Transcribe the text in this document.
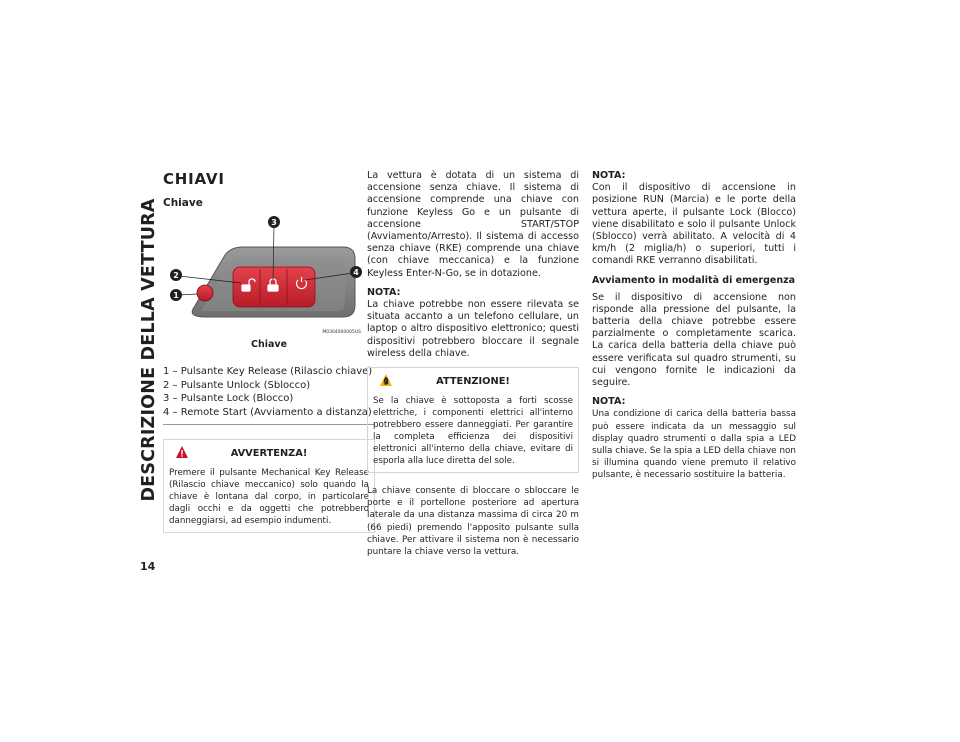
DESCRIZIONE DELLA VETTURA
14
CHIAVI
Chiave
1
2
3
4
M0304000005US
Chiave
1 – Pulsante Key Release (Rilascio chiave)
2 – Pulsante Unlock (Sblocco)
3 – Pulsante Lock (Blocco)
4 – Remote Start (Avviamento a distanza)
AVVERTENZA!

Premere il pulsante Mechanical Key Release (Rilascio chiave meccanico) solo quando la chiave è lontana dal corpo, in particolare dagli occhi e da oggetti che potrebbero danneggiarsi, ad esempio indumenti.

La vettura è dotata di un sistema di accensione senza chiave. Il sistema di accensione comprende una chiave con funzione Keyless Go e un pulsante di accensione START/STOP (Avviamento/Arresto). Il sistema di accesso senza chiave (RKE) comprende una chiave (con chiave meccanica) e la funzione Keyless Enter-N-Go, se in dotazione.

NOTA:

La chiave potrebbe non essere rilevata se situata accanto a un telefono cellulare, un laptop o altro dispositivo elettronico; questi dispositivi potrebbero bloccare il segnale wireless della chiave.

ATTENZIONE!

Se la chiave è sottoposta a forti scosse elettriche, i componenti elettrici all'interno potrebbero essere danneggiati. Per garantire la completa efficienza dei dispositivi elettronici all'interno della chiave, evitare di esporla alla luce diretta del sole.

La chiave consente di bloccare o sbloccare le porte e il portellone posteriore ad apertura laterale da una distanza massima di circa 20 m (66 piedi) premendo l'apposito pulsante sulla chiave. Per attivare il sistema non è necessario puntare la chiave verso la vettura.

NOTA:

Con il dispositivo di accensione in posizione RUN (Marcia) e le porte della vettura aperte, il pulsante Lock (Blocco) viene disabilitato e solo il pulsante Unlock (Sblocco) verrà abilitato. A velocità di 4 km/h (2 miglia/h) o superiori, tutti i comandi RKE verranno disabilitati.

Avviamento in modalità di emergenza

Se il dispositivo di accensione non risponde alla pressione del pulsante, la batteria della chiave potrebbe essere parzialmente o completamente scarica. La carica della batteria della chiave può essere verificata sul quadro strumenti, su cui vengono fornite le indicazioni da seguire.

NOTA:

Una condizione di carica della batteria bassa può essere indicata da un messaggio sul display quadro strumenti o dalla spia a LED sulla chiave. Se la spia a LED della chiave non si illumina quando viene premuto il relativo pulsante, è necessario sostituire la batteria.
